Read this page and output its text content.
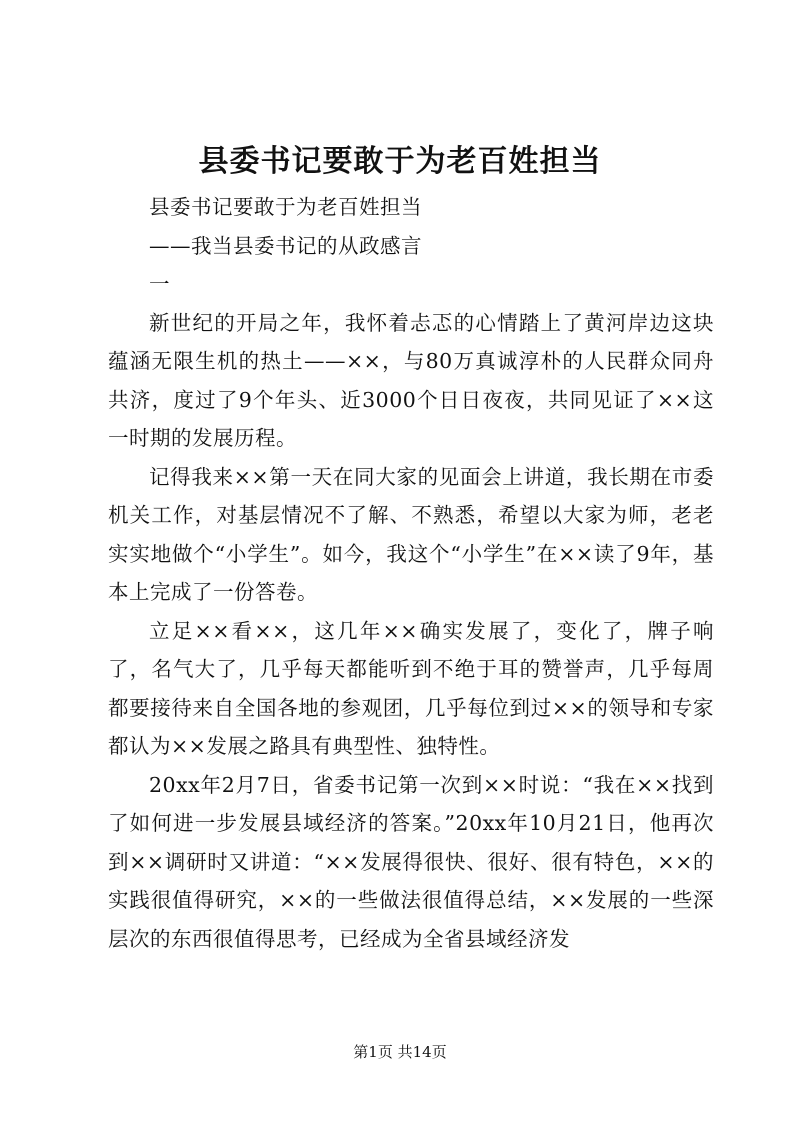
县委书记要敢于为老百姓担当

县委书记要敢于为老百姓担当

——我当县委书记的从政感言

一

新世纪的开局之年，我怀着忐忑的心情踏上了黄河岸边这块蕴涵无限生机的热土——××，与80万真诚淳朴的人民群众同舟共济，度过了9个年头、近3000个日日夜夜，共同见证了××这一时期的发展历程。

记得我来××第一天在同大家的见面会上讲道，我长期在市委机关工作，对基层情况不了解、不熟悉，希望以大家为师，老老实实地做个“小学生”。如今，我这个“小学生”在××读了9年，基本上完成了一份答卷。

立足××看××，这几年××确实发展了，变化了，牌子响了，名气大了，几乎每天都能听到不绝于耳的赞誉声，几乎每周都要接待来自全国各地的参观团，几乎每位到过××的领导和专家都认为××发展之路具有典型性、独特性。

20xx年2月7日，省委书记第一次到××时说：“我在××找到了如何进一步发展县域经济的答案。”20xx年10月21日，他再次到××调研时又讲道：“××发展得很快、很好、很有特色，××的实践很值得研究，××的一些做法很值得总结，××发展的一些深层次的东西很值得思考，已经成为全省县域经济发

第1页 共14页
